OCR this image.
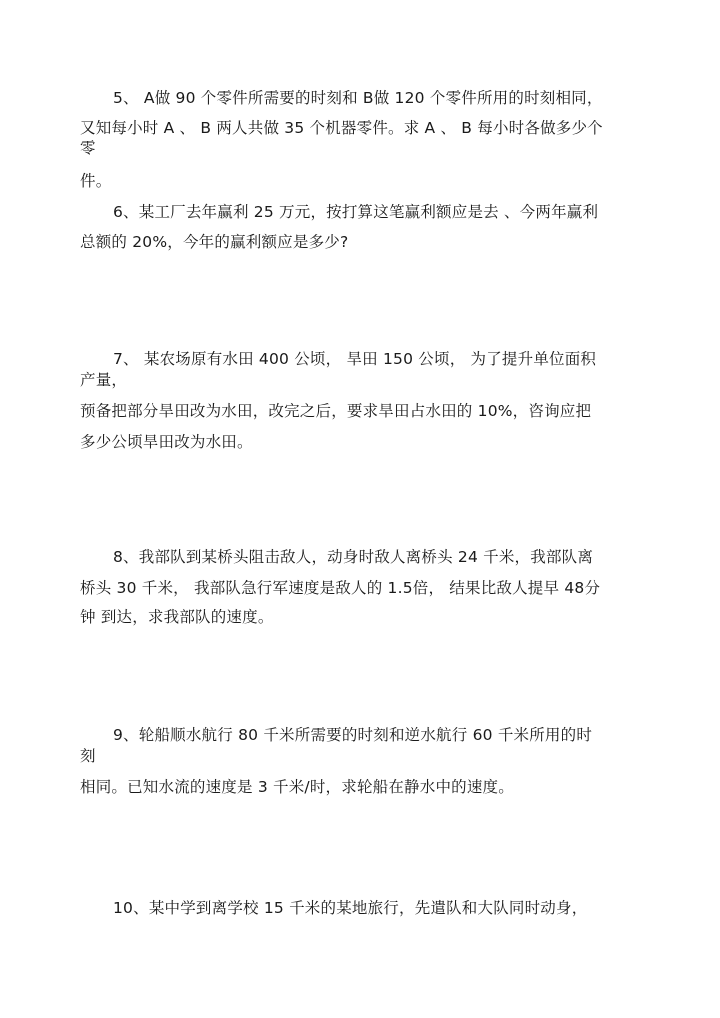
5、 A做 90 个零件所需要的时刻和 B做 120 个零件所用的时刻相同，
又知每小时 A 、 B 两人共做 35 个机器零件。求 A 、 B 每小时各做多少个
零
件。
6、某工厂去年赢利 25 万元，按打算这笔赢利额应是去 、今两年赢利
总额的 20%，今年的赢利额应是多少?
7、 某农场原有水田 400 公顷， 旱田 150 公顷， 为了提升单位面积
产量，
预备把部分旱田改为水田，改完之后，要求旱田占水田的 10%，咨询应把
多少公顷旱田改为水田。
8、我部队到某桥头阻击敌人，动身时敌人离桥头 24 千米，我部队离
桥头 30 千米， 我部队急行军速度是敌人的 1.5倍， 结果比敌人提早 48分
钟 到达，求我部队的速度。
9、轮船顺水航行 80 千米所需要的时刻和逆水航行 60 千米所用的时
刻
相同。已知水流的速度是 3 千米/时，求轮船在静水中的速度。
10、某中学到离学校 15 千米的某地旅行，先遣队和大队同时动身，
